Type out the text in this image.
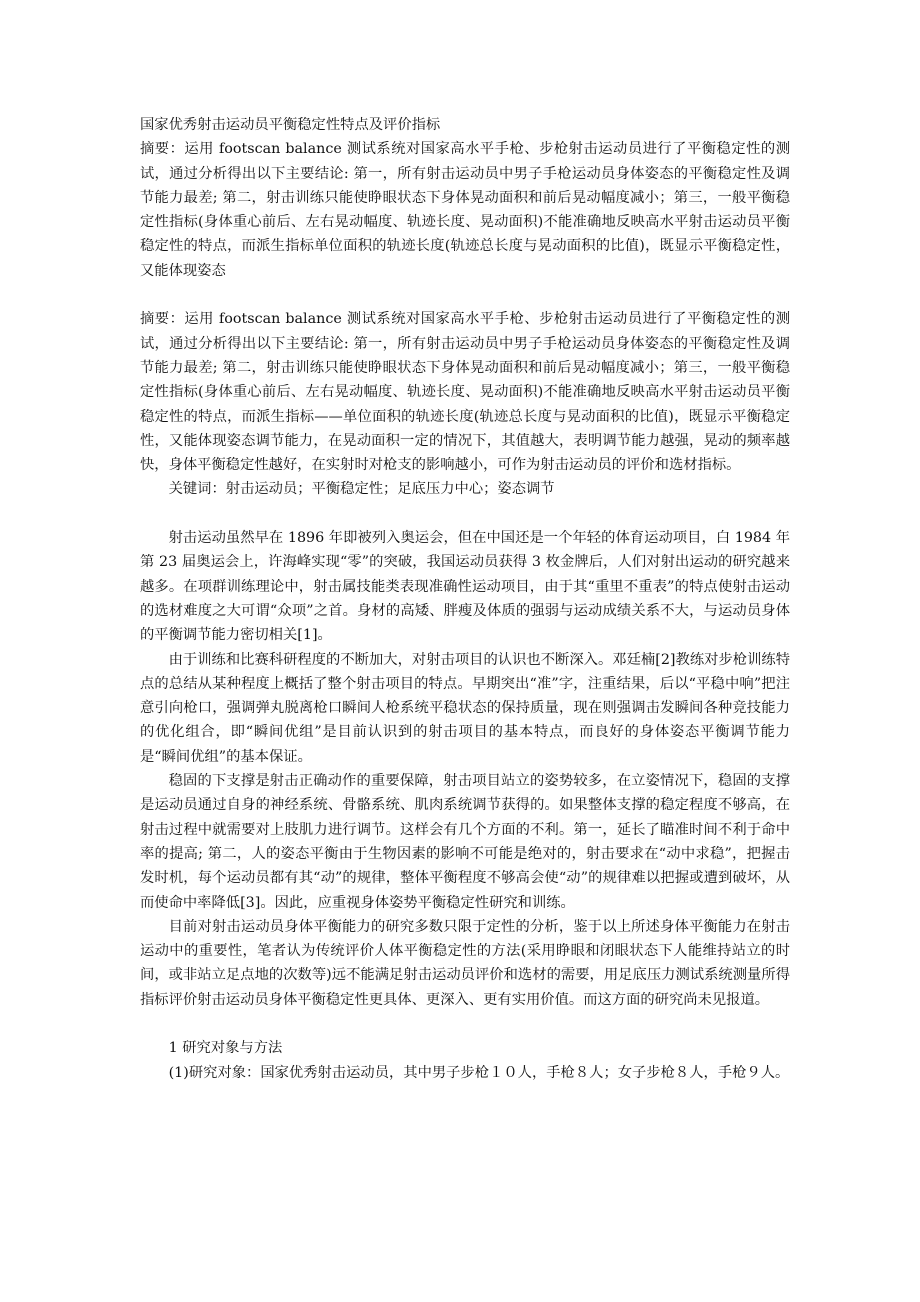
国家优秀射击运动员平衡稳定性特点及评价指标

摘要：运用 footscan balance 测试系统对国家高水平手枪、步枪射击运动员进行了平衡稳定性的测试，通过分析得出以下主要结论: 第一，所有射击运动员中男子手枪运动员身体姿态的平衡稳定性及调节能力最差; 第二，射击训练只能使睁眼状态下身体晃动面积和前后晃动幅度减小；第三，一般平衡稳定性指标(身体重心前后、左右晃动幅度、轨迹长度、晃动面积)不能准确地反映高水平射击运动员平衡稳定性的特点，而派生指标单位面积的轨迹长度(轨迹总长度与晃动面积的比值)，既显示平衡稳定性，又能体现姿态

摘要：运用 footscan balance 测试系统对国家高水平手枪、步枪射击运动员进行了平衡稳定性的测试，通过分析得出以下主要结论: 第一，所有射击运动员中男子手枪运动员身体姿态的平衡稳定性及调节能力最差; 第二，射击训练只能使睁眼状态下身体晃动面积和前后晃动幅度减小；第三，一般平衡稳定性指标(身体重心前后、左右晃动幅度、轨迹长度、晃动面积)不能准确地反映高水平射击运动员平衡稳定性的特点，而派生指标——单位面积的轨迹长度(轨迹总长度与晃动面积的比值)，既显示平衡稳定性，又能体现姿态调节能力，在晃动面积一定的情况下，其值越大，表明调节能力越强，晃动的频率越快，身体平衡稳定性越好，在实射时对枪支的影响越小，可作为射击运动员的评价和选材指标。

关键词：射击运动员；平衡稳定性；足底压力中心；姿态调节

射击运动虽然早在 1896 年即被列入奥运会，但在中国还是一个年轻的体育运动项目，白 1984 年第 23 届奥运会上，许海峰实现“零”的突破，我国运动员获得 3 枚金牌后，人们对射出运动的研究越来越多。在项群训练理论中，射击属技能类表现准确性运动项目，由于其“重里不重表”的特点使射击运动的选材难度之大可谓“众项”之首。身材的高矮、胖瘦及体质的强弱与运动成绩关系不大，与运动员身体的平衡调节能力密切相关[1]。

由于训练和比赛科研程度的不断加大，对射击项目的认识也不断深入。邓廷楠[2]教练对步枪训练特点的总结从某种程度上概括了整个射击项目的特点。早期突出“准”字，注重结果，后以“平稳中响”把注意引向枪口，强调弹丸脱离枪口瞬间人枪系统平稳状态的保持质量，现在则强调击发瞬间各种竞技能力的优化组合，即“瞬间优组”是目前认识到的射击项目的基本特点，而良好的身体姿态平衡调节能力是“瞬间优组”的基本保证。

稳固的下支撑是射击正确动作的重要保障，射击项目站立的姿势较多，在立姿情况下，稳固的支撑是运动员通过自身的神经系统、骨骼系统、肌肉系统调节获得的。如果整体支撑的稳定程度不够高，在射击过程中就需要对上肢肌力进行调节。这样会有几个方面的不利。第一，延长了瞄准时间不利于命中率的提高; 第二，人的姿态平衡由于生物因素的影响不可能是绝对的，射击要求在“动中求稳”，把握击发时机，每个运动员都有其“动”的规律，整体平衡程度不够高会使“动”的规律难以把握或遭到破坏，从而使命中率降低[3]。因此，应重视身体姿势平衡稳定性研究和训练。

目前对射击运动员身体平衡能力的研究多数只限于定性的分析，鉴于以上所述身体平衡能力在射击运动中的重要性，笔者认为传统评价人体平衡稳定性的方法(采用睁眼和闭眼状态下人能维持站立的时间，或非站立足点地的次数等)远不能满足射击运动员评价和选材的需要，用足底压力测试系统测量所得指标评价射击运动员身体平衡稳定性更具体、更深入、更有实用价值。而这方面的研究尚未见报道。

1 研究对象与方法

(1)研究对象：国家优秀射击运动员，其中男子步枪１０人，手枪８人；女子步枪８人，手枪９人。
